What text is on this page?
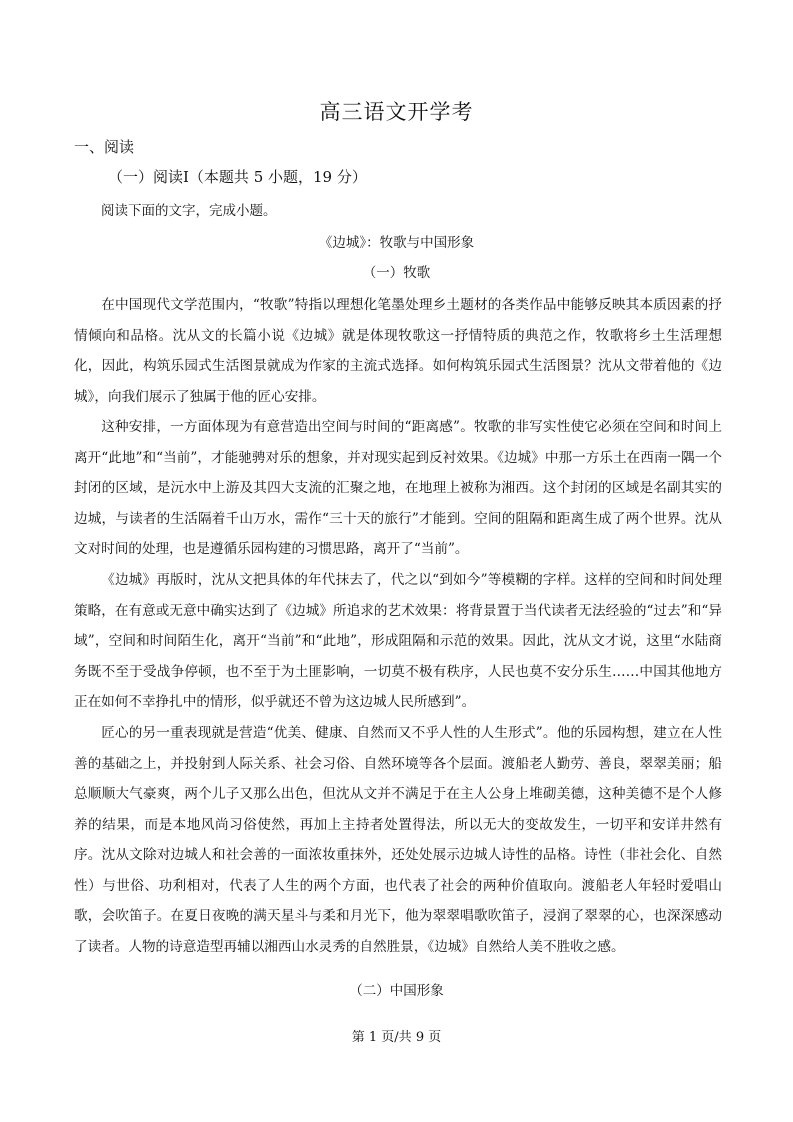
高三语文开学考
一、阅读
（一）阅读Ⅰ（本题共 5 小题，19 分）
阅读下面的文字，完成小题。
《边城》：牧歌与中国形象
（一）牧歌

在中国现代文学范围内，“牧歌”特指以理想化笔墨处理乡土题材的各类作品中能够反映其本质因素的抒情倾向和品格。沈从文的长篇小说《边城》就是体现牧歌这一抒情特质的典范之作，牧歌将乡土生活理想化，因此，构筑乐园式生活图景就成为作家的主流式选择。如何构筑乐园式生活图景？沈从文带着他的《边城》，向我们展示了独属于他的匠心安排。

这种安排，一方面体现为有意营造出空间与时间的“距离感”。牧歌的非写实性使它必须在空间和时间上离开“此地”和“当前”，才能驰骋对乐的想象，并对现实起到反衬效果。《边城》中那一方乐土在西南一隅一个封闭的区域，是沅水中上游及其四大支流的汇聚之地，在地理上被称为湘西。这个封闭的区域是名副其实的边城，与读者的生活隔着千山万水，需作“三十天的旅行”才能到。空间的阻隔和距离生成了两个世界。沈从文对时间的处理，也是遵循乐园构建的习惯思路，离开了“当前”。

《边城》再版时，沈从文把具体的年代抹去了，代之以“到如今”等模糊的字样。这样的空间和时间处理策略，在有意或无意中确实达到了《边城》所追求的艺术效果：将背景置于当代读者无法经验的“过去”和“异域”，空间和时间陌生化，离开“当前”和“此地”，形成阻隔和示范的效果。因此，沈从文才说，这里“水陆商务既不至于受战争停顿，也不至于为土匪影响，一切莫不极有秩序，人民也莫不安分乐生……中国其他地方正在如何不幸挣扎中的情形，似乎就还不曾为这边城人民所感到”。

匠心的另一重表现就是营造“优美、健康、自然而又不乎人性的人生形式”。他的乐园构想，建立在人性善的基础之上，并投射到人际关系、社会习俗、自然环境等各个层面。渡船老人勤劳、善良，翠翠美丽；船总顺顺大气豪爽，两个儿子又那么出色，但沈从文并不满足于在主人公身上堆砌美德，这种美德不是个人修养的结果，而是本地风尚习俗使然，再加上主持者处置得法，所以无大的变故发生，一切平和安详井然有序。沈从文除对边城人和社会善的一面浓妆重抹外，还处处展示边城人诗性的品格。诗性（非社会化、自然性）与世俗、功利相对，代表了人生的两个方面，也代表了社会的两种价值取向。渡船老人年轻时爱唱山歌，会吹笛子。在夏日夜晚的满天星斗与柔和月光下，他为翠翠唱歌吹笛子，浸润了翠翠的心，也深深感动了读者。人物的诗意造型再辅以湘西山水灵秀的自然胜景，《边城》自然给人美不胜收之感。

（二）中国形象
第 1 页/共 9 页
